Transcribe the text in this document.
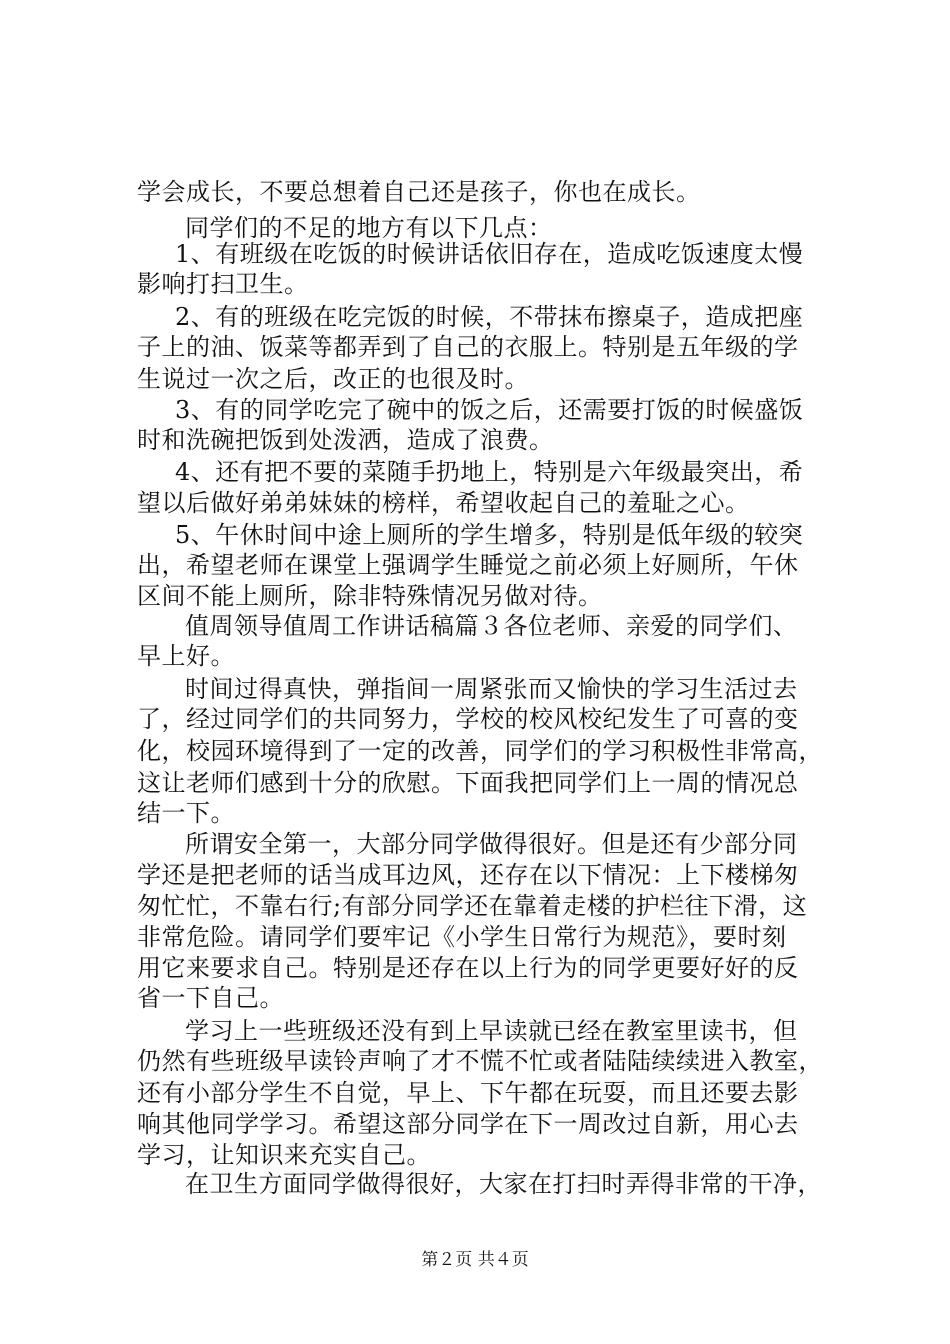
学会成长，不要总想着自己还是孩子，你也在成长。
同学们的不足的地方有以下几点：
1、有班级在吃饭的时候讲话依旧存在，造成吃饭速度太慢
影响打扫卫生。
2、有的班级在吃完饭的时候，不带抹布擦桌子，造成把座
子上的油、饭菜等都弄到了自己的衣服上。特别是五年级的学
生说过一次之后，改正的也很及时。
3、有的同学吃完了碗中的饭之后，还需要打饭的时候盛饭
时和洗碗把饭到处泼洒，造成了浪费。
4、还有把不要的菜随手扔地上，特别是六年级最突出，希
望以后做好弟弟妹妹的榜样，希望收起自己的羞耻之心。
5、午休时间中途上厕所的学生增多，特别是低年级的较突
出，希望老师在课堂上强调学生睡觉之前必须上好厕所，午休
区间不能上厕所，除非特殊情况另做对待。
值周领导值周工作讲话稿篇３各位老师、亲爱的同学们、
早上好。
时间过得真快，弹指间一周紧张而又愉快的学习生活过去
了，经过同学们的共同努力，学校的校风校纪发生了可喜的变
化，校园环境得到了一定的改善，同学们的学习积极性非常高，
这让老师们感到十分的欣慰。下面我把同学们上一周的情况总
结一下。
所谓安全第一，大部分同学做得很好。但是还有少部分同
学还是把老师的话当成耳边风，还存在以下情况：上下楼梯匆
匆忙忙，不靠右行;有部分同学还在靠着走楼的护栏往下滑，这
非常危险。请同学们要牢记《小学生日常行为规范》，要时刻
用它来要求自己。特别是还存在以上行为的同学更要好好的反
省一下自己。
学习上一些班级还没有到上早读就已经在教室里读书，但
仍然有些班级早读铃声响了才不慌不忙或者陆陆续续进入教室，
还有小部分学生不自觉，早上、下午都在玩耍，而且还要去影
响其他同学学习。希望这部分同学在下一周改过自新，用心去
学习，让知识来充实自己。
在卫生方面同学做得很好，大家在打扫时弄得非常的干净，
第２页 共４页
